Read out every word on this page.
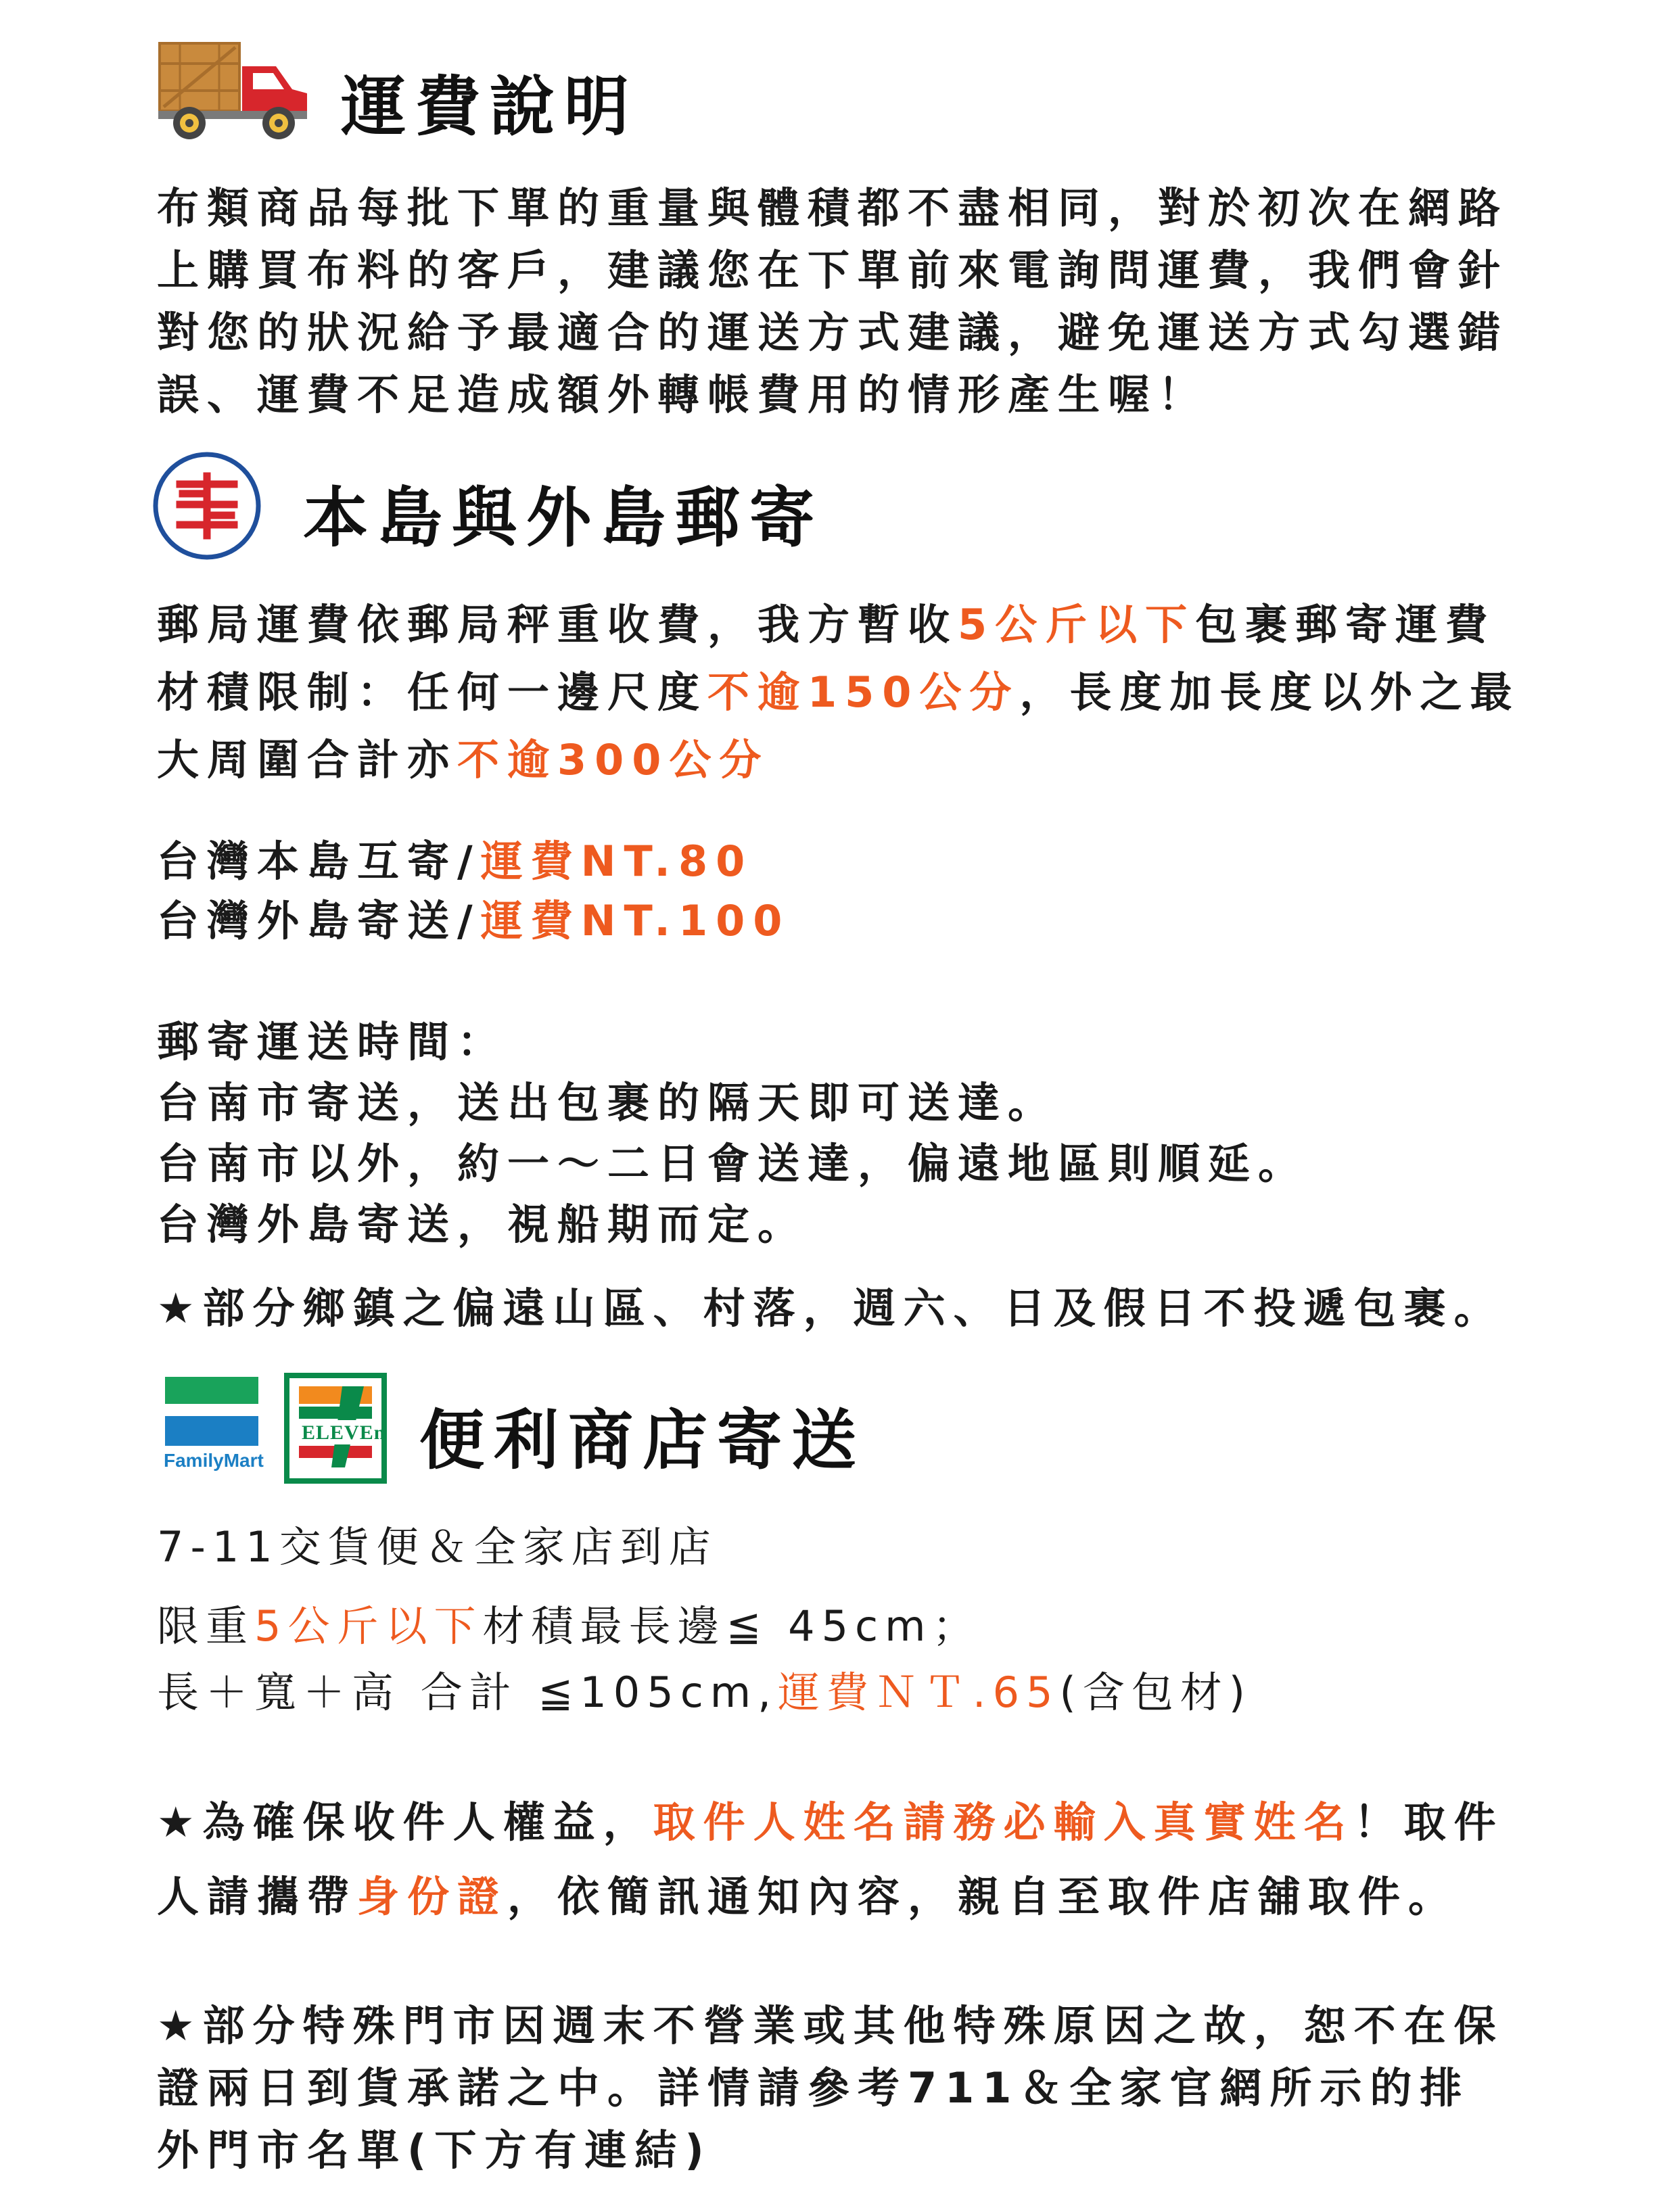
運費說明
布類商品每批下單的重量與體積都不盡相同，對於初次在網路
上購買布料的客戶，建議您在下單前來電詢問運費，我們會針
對您的狀況給予最適合的運送方式建議，避免運送方式勾選錯
誤、運費不足造成額外轉帳費用的情形產生喔！
本島與外島郵寄
郵局運費依郵局秤重收費，我方暫收5公斤以下包裹郵寄運費
材積限制：任何一邊尺度不逾150公分，長度加長度以外之最
大周圍合計亦不逾300公分
台灣本島互寄/運費NT.80
台灣外島寄送/運費NT.100
郵寄運送時間：
台南市寄送，送出包裹的隔天即可送達。
台南市以外，約一～二日會送達，偏遠地區則順延。
台灣外島寄送，視船期而定。
★部分鄉鎮之偏遠山區、村落，週六、日及假日不投遞包裹。
FamilyMart
ELEVEn 便利商店寄送
7-11交貨便＆全家店到店
限重5公斤以下材積最長邊≦ 45cm；
長＋寬＋高 合計 ≦105cm,運費ＮＴ.65(含包材)
★為確保收件人權益，取件人姓名請務必輸入真實姓名！取件
人請攜帶身份證，依簡訊通知內容，親自至取件店舖取件。
★部分特殊門市因週末不營業或其他特殊原因之故，恕不在保
證兩日到貨承諾之中。詳情請參考711＆全家官網所示的排
外門市名單(下方有連結)
